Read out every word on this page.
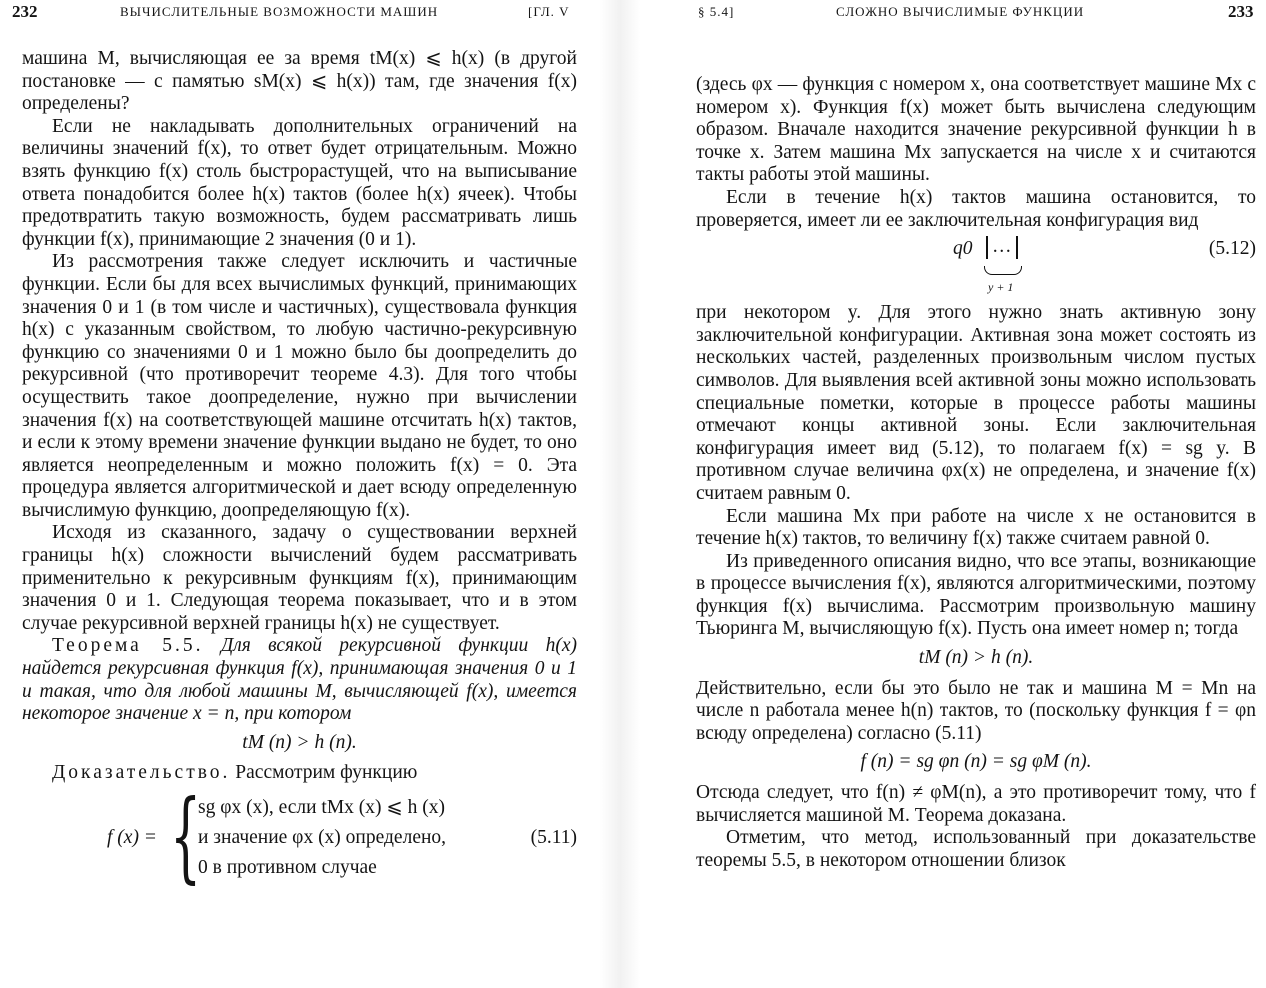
232	ВЫЧИСЛИТЕЛЬНЫЕ ВОЗМОЖНОСТИ МАШИН	[ГЛ. V

машина M, вычисляющая ее за время tM(x) ⩽ h(x) (в другой постановке — с памятью sM(x) ⩽ h(x)) там, где значения f(x) определены?

Если не накладывать дополнительных ограничений на величины значений f(x), то ответ будет отрицательным. Можно взять функцию f(x) столь быстрорастущей, что на выписывание ответа понадобится более h(x) тактов (более h(x) ячеек). Чтобы предотвратить такую возможность, будем рассматривать лишь функции f(x), принимающие 2 значения (0 и 1).

Из рассмотрения также следует исключить и частичные функции. Если бы для всех вычислимых функций, принимающих значения 0 и 1 (в том числе и частичных), существовала функция h(x) с указанным свойством, то любую частично-рекурсивную функцию со значениями 0 и 1 можно было бы доопределить до рекурсивной (что противоречит теореме 4.3). Для того чтобы осуществить такое доопределение, нужно при вычислении значения f(x) на соответствующей машине отсчитать h(x) тактов, и если к этому времени значение функции выдано не будет, то оно является неопределенным и можно положить f(x) = 0. Эта процедура является алгоритмической и дает всюду определенную вычислимую функцию, доопределяющую f(x).

Исходя из сказанного, задачу о существовании верхней границы h(x) сложности вычислений будем рассматривать применительно к рекурсивным функциям f(x), принимающим значения 0 и 1. Следующая теорема показывает, что и в этом случае рекурсивной верхней границы h(x) не существует.

Теорема 5.5. Для всякой рекурсивной функции h(x) найдется рекурсивная функция f(x), принимающая значения 0 и 1 и такая, что для любой машины M, вычисляющей f(x), имеется некоторое значение x = n, при котором

tM (n) > h (n).

Доказательство. Рассмотрим функцию

f (x) = {
sg φx (x), если tMx (x) ⩽ h (x)
и значение φx (x) определено,
0 в противном случае
(5.11)
§ 5.4]	СЛОЖНО ВЫЧИСЛИМЫЕ ФУНКЦИИ	233

(здесь φx — функция с номером x, она соответствует машине Mx с номером x). Функция f(x) может быть вычислена следующим образом. Вначале находится значение рекурсивной функции h в точке x. Затем машина Mx запускается на числе x и считаются такты работы этой машины.

Если в течение h(x) тактов машина остановится, то проверяется, имеет ли ее заключительная конфигурация вид

q0	…
y + 1
(5.12)

при некотором y. Для этого нужно знать активную зону заключительной конфигурации. Активная зона может состоять из нескольких частей, разделенных произвольным числом пустых символов. Для выявления всей активной зоны можно использовать специальные пометки, которые в процессе работы машины отмечают концы активной зоны. Если заключительная конфигурация имеет вид (5.12), то полагаем f(x) = sg y. В противном случае величина φx(x) не определена, и значение f(x) считаем равным 0.

Если машина Mx при работе на числе x не остановится в течение h(x) тактов, то величину f(x) также считаем равной 0.

Из приведенного описания видно, что все этапы, возникающие в процессе вычисления f(x), являются алгоритмическими, поэтому функция f(x) вычислима. Рассмотрим произвольную машину Тьюринга M, вычисляющую f(x). Пусть она имеет номер n; тогда

tM (n) > h (n).

Действительно, если бы это было не так и машина M = Mn на числе n работала менее h(n) тактов, то (поскольку функция f = φn всюду определена) согласно (5.11)

f (n) = sg φn (n) = sg φM (n).

Отсюда следует, что f(n) ≠ φM(n), а это противоречит тому, что f вычисляется машиной M. Теорема доказана.

Отметим, что метод, использованный при доказательстве теоремы 5.5, в некотором отношении близок
